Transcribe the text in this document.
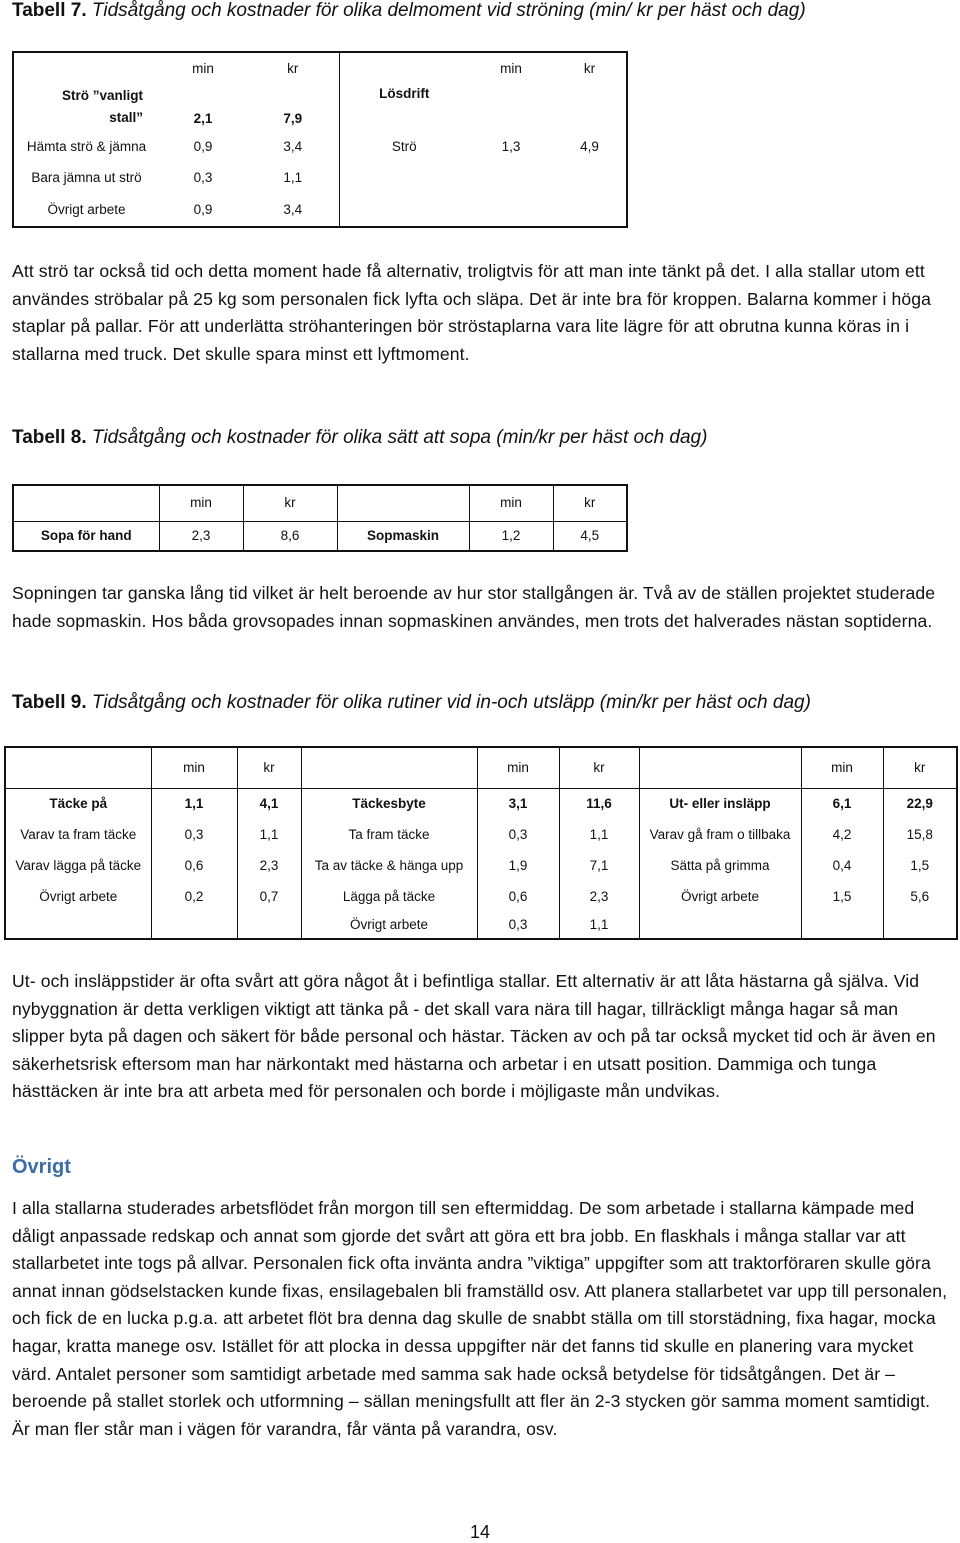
Tabell 7. Tidsåtgång och kostnader för olika delmoment vid ströning (min/ kr per häst och dag)
	min	kr		min	kr
Strö ”vanligt
stall”	2,1	7,9	Lösdrift		
Hämta strö & jämna	0,9	3,4	Strö	1,3	4,9
Bara jämna ut strö	0,3	1,1			
Övrigt arbete	0,9	3,4			

Att strö tar också tid och detta moment hade få alternativ, troligtvis för att man inte tänkt på det. I alla stallar utom ett användes ströbalar på 25 kg som personalen fick lyfta och släpa. Det är inte bra för kroppen. Balarna kommer i höga staplar på pallar. För att underlätta ströhanteringen bör ströstaplarna vara lite lägre för att obrutna kunna köras in i stallarna med truck. Det skulle spara minst ett lyftmoment.

Tabell 8. Tidsåtgång och kostnader för olika sätt att sopa (min/kr per häst och dag)
	min	kr		min	kr
Sopa för hand	2,3	8,6	Sopmaskin	1,2	4,5

Sopningen tar ganska lång tid vilket är helt beroende av hur stor stallgången är. Två av de ställen projektet studerade hade sopmaskin. Hos båda grovsopades innan sopmaskinen användes, men trots det halverades nästan soptiderna.

Tabell 9. Tidsåtgång och kostnader för olika rutiner vid in-och utsläpp (min/kr per häst och dag)
	min	kr		min	kr		min	kr
Täcke på	1,1	4,1	Täckesbyte	3,1	11,6	Ut- eller insläpp	6,1	22,9
Varav ta fram täcke	0,3	1,1	Ta fram täcke	0,3	1,1	Varav gå fram o tillbaka	4,2	15,8
Varav lägga på täcke	0,6	2,3	Ta av täcke & hänga upp	1,9	7,1	Sätta på grimma	0,4	1,5
Övrigt arbete	0,2	0,7	Lägga på täcke	0,6	2,3	Övrigt arbete	1,5	5,6
			Övrigt arbete	0,3	1,1			

Ut- och insläppstider är ofta svårt att göra något åt i befintliga stallar. Ett alternativ är att låta hästarna gå själva. Vid nybyggnation är detta verkligen viktigt att tänka på - det skall vara nära till hagar, tillräckligt många hagar så man slipper byta på dagen och säkert för både personal och hästar. Täcken av och på tar också mycket tid och är även en säkerhetsrisk eftersom man har närkontakt med hästarna och arbetar i en utsatt position. Dammiga och tunga hästtäcken är inte bra att arbeta med för personalen och borde i möjligaste mån undvikas.

Övrigt

I alla stallarna studerades arbetsflödet från morgon till sen eftermiddag. De som arbetade i stallarna kämpade med dåligt anpassade redskap och annat som gjorde det svårt att göra ett bra jobb. En flaskhals i många stallar var att stallarbetet inte togs på allvar. Personalen fick ofta invänta andra ”viktiga” uppgifter som att traktorföraren skulle göra annat innan gödselstacken kunde fixas, ensilagebalen bli framställd osv. Att planera stallarbetet var upp till personalen, och fick de en lucka p.g.a. att arbetet flöt bra denna dag skulle de snabbt ställa om till storstädning, fixa hagar, mocka hagar, kratta manege osv. Istället för att plocka in dessa uppgifter när det fanns tid skulle en planering vara mycket värd. Antalet personer som samtidigt arbetade med samma sak hade också betydelse för tidsåtgången. Det är – beroende på stallet storlek och utformning – sällan meningsfullt att fler än 2-3 stycken gör samma moment samtidigt. Är man fler står man i vägen för varandra, får vänta på varandra, osv.

14
